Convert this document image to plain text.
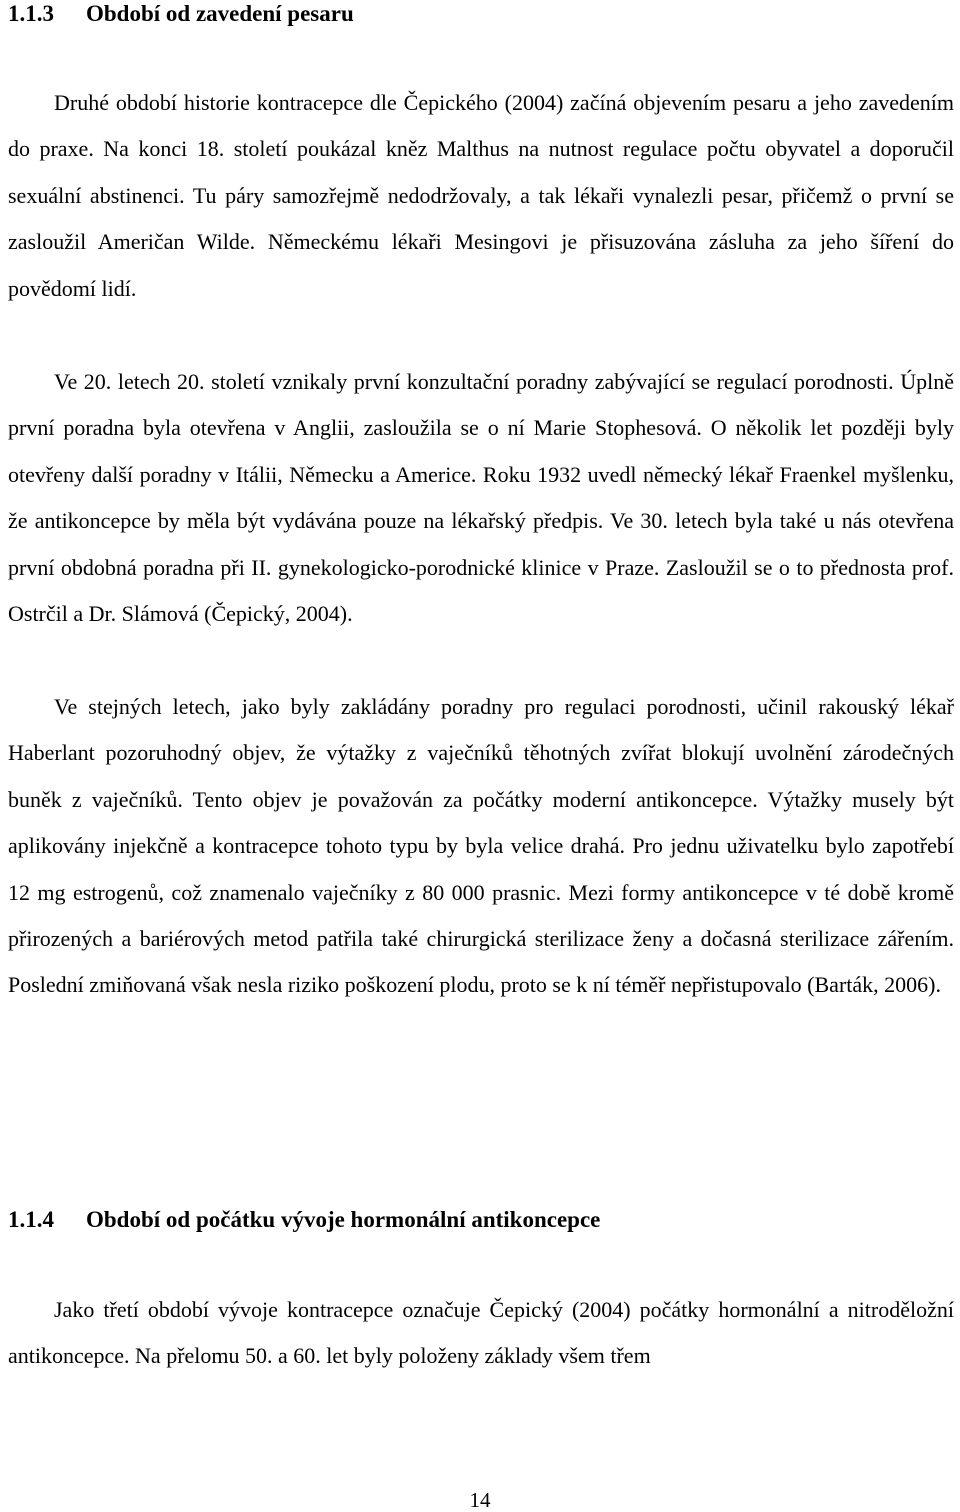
1.1.3 Období od zavedení pesaru

Druhé období historie kontracepce dle Čepického (2004) začíná objevením pesaru a jeho zavedením do praxe. Na konci 18. století poukázal kněz Malthus na nutnost regulace počtu obyvatel a doporučil sexuální abstinenci. Tu páry samozřejmě nedodržovaly, a tak lékaři vynalezli pesar, přičemž o první se zasloužil Američan Wilde. Německému lékaři Mesingovi je přisuzována zásluha za jeho šíření do povědomí lidí.

Ve 20. letech 20. století vznikaly první konzultační poradny zabývající se regulací porodnosti. Úplně první poradna byla otevřena v Anglii, zasloužila se o ní Marie Stophesová. O několik let později byly otevřeny další poradny v Itálii, Německu a Americe. Roku 1932 uvedl německý lékař Fraenkel myšlenku, že antikoncepce by měla být vydávána pouze na lékařský předpis. Ve 30. letech byla také u nás otevřena první obdobná poradna při II. gynekologicko-porodnické klinice v Praze. Zasloužil se o to přednosta prof. Ostrčil a Dr. Slámová (Čepický, 2004).

Ve stejných letech, jako byly zakládány poradny pro regulaci porodnosti, učinil rakouský lékař Haberlant pozoruhodný objev, že výtažky z vaječníků těhotných zvířat blokují uvolnění zárodečných buněk z vaječníků. Tento objev je považován za počátky moderní antikoncepce. Výtažky musely být aplikovány injekčně a kontracepce tohoto typu by byla velice drahá. Pro jednu uživatelku bylo zapotřebí 12 mg estrogenů, což znamenalo vaječníky z 80 000 prasnic. Mezi formy antikoncepce v té době kromě přirozených a bariérových metod patřila také chirurgická sterilizace ženy a dočasná sterilizace zářením. Poslední zmiňovaná však nesla riziko poškození plodu, proto se k ní téměř nepřistupovalo (Barták, 2006).

1.1.4 Období od počátku vývoje hormonální antikoncepce

Jako třetí období vývoje kontracepce označuje Čepický (2004) počátky hormonální a nitroděložní antikoncepce. Na přelomu 50. a 60. let byly položeny základy všem třem

14
